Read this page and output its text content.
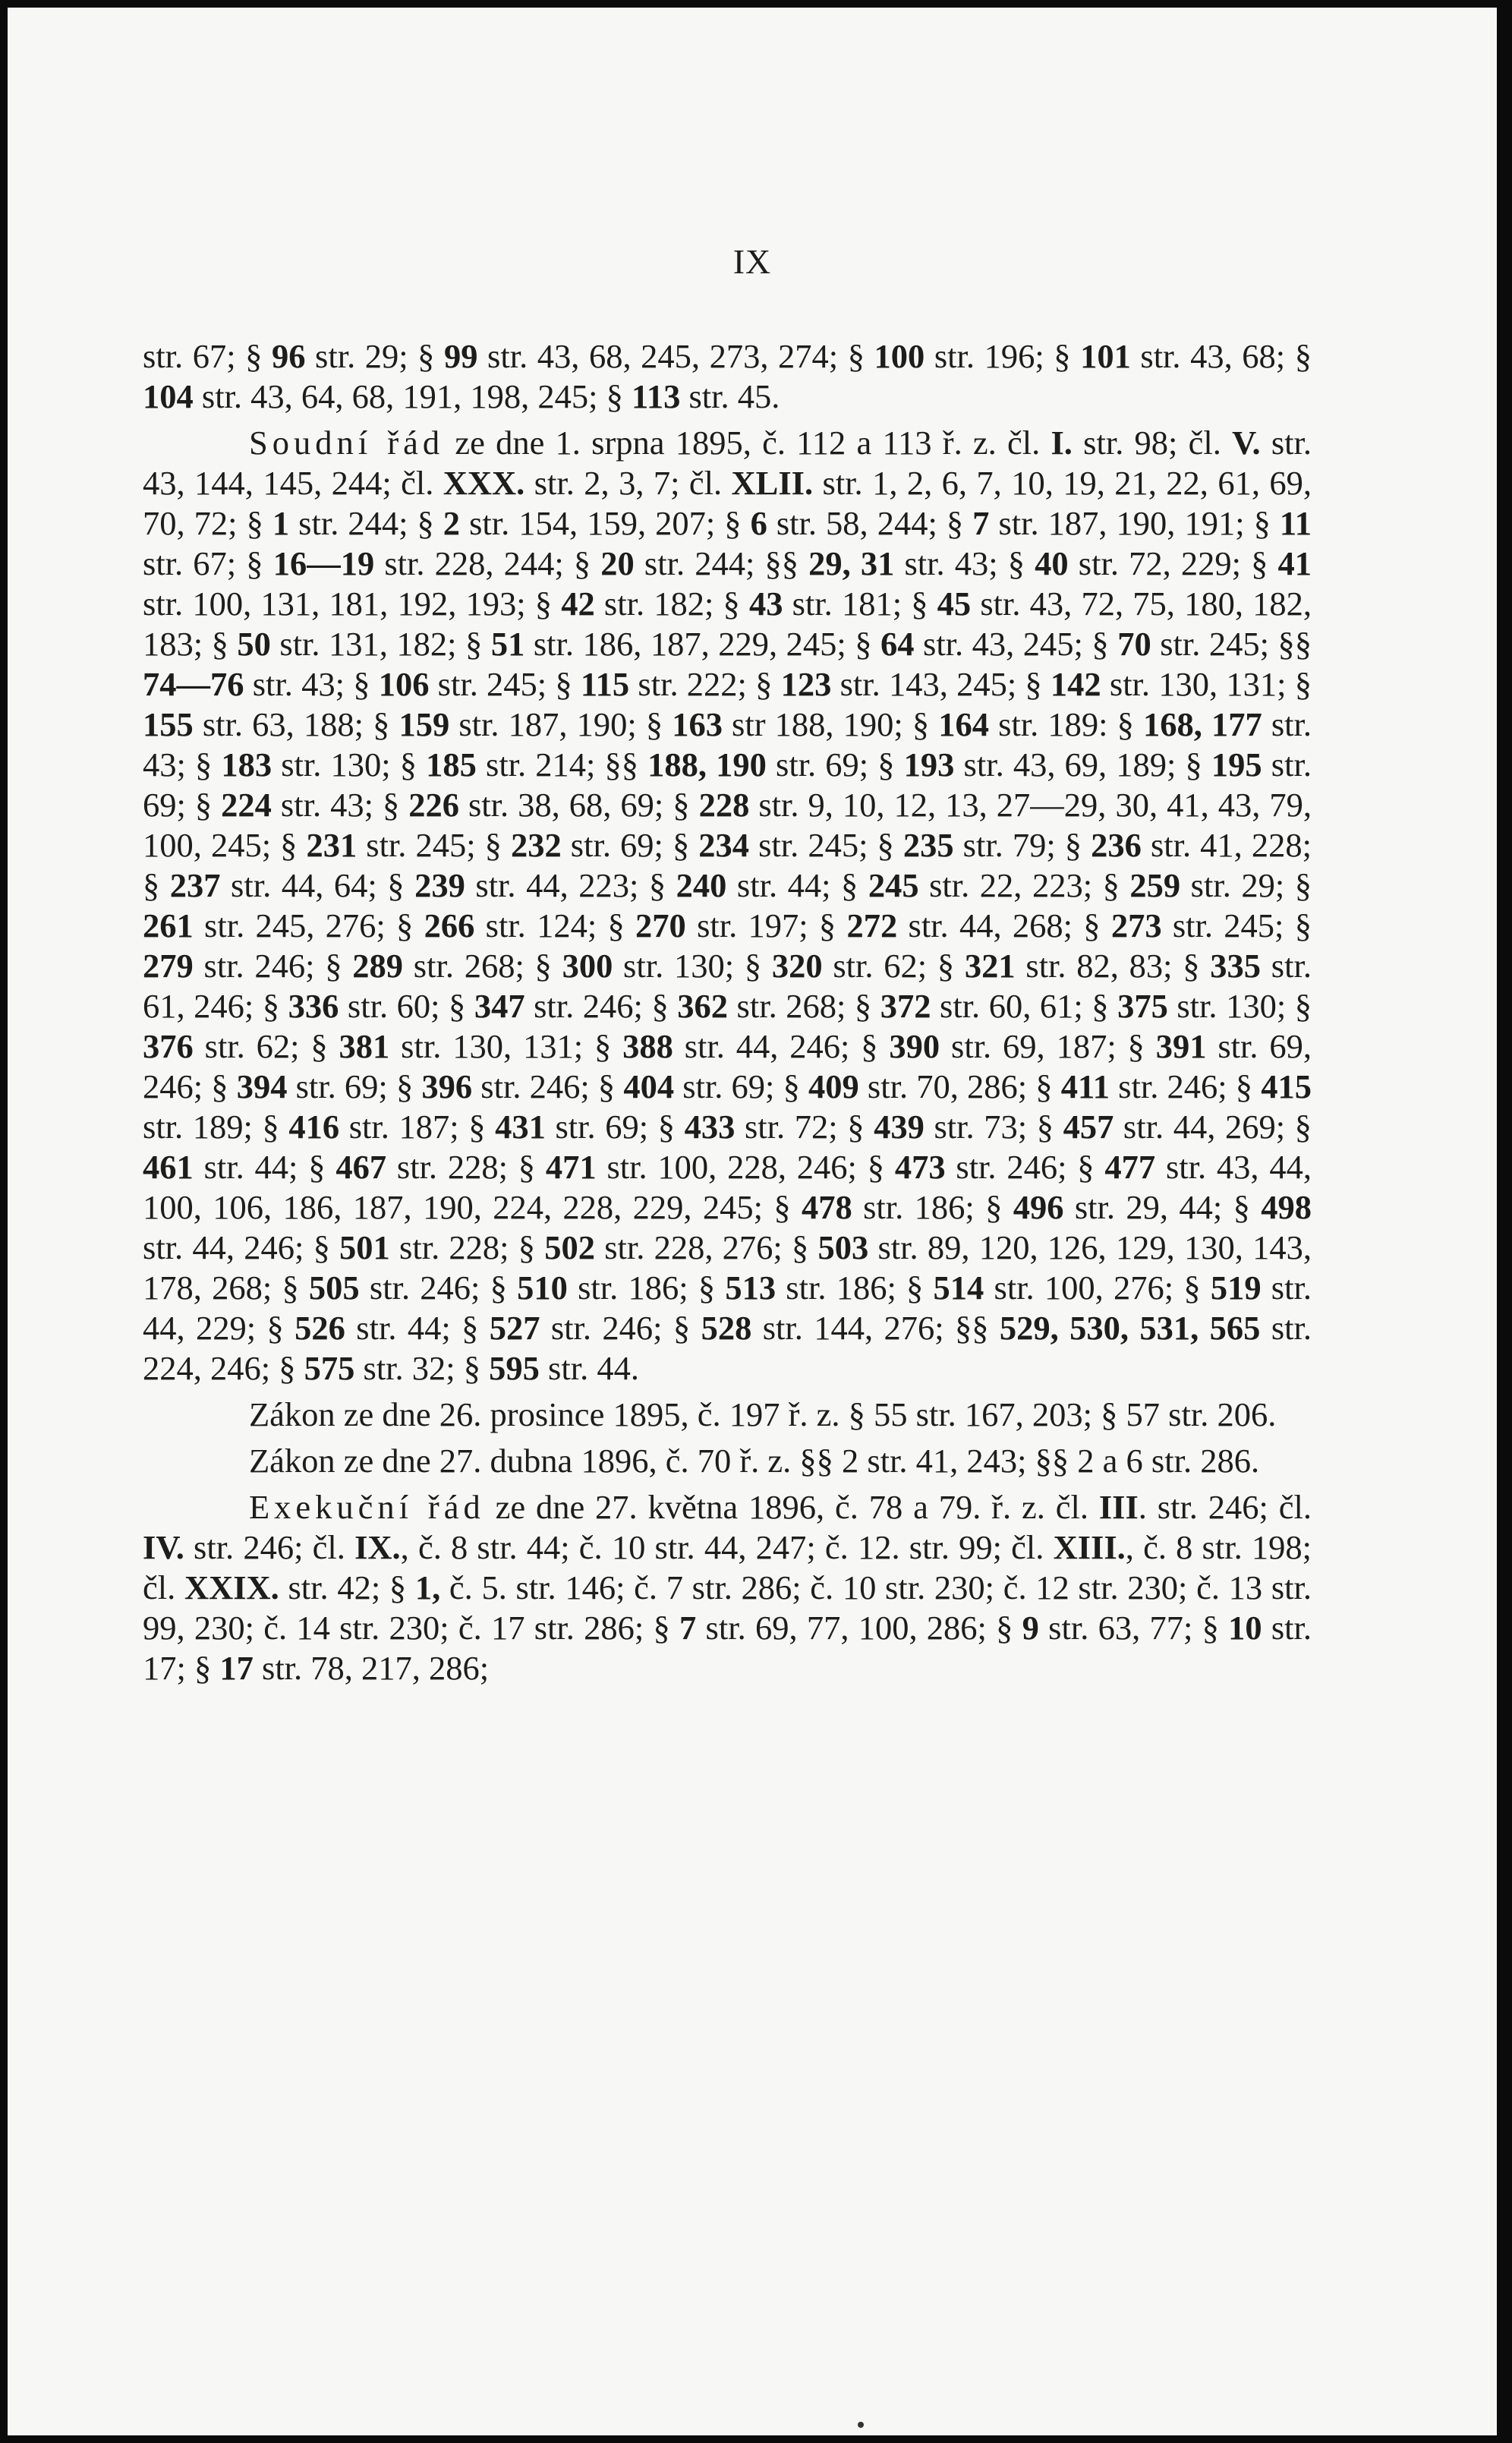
IX

str. 67; § 96 str. 29; § 99 str. 43, 68, 245, 273, 274; § 100 str. 196; § 101 str. 43, 68; § 104 str. 43, 64, 68, 191, 198, 245; § 113 str. 45.

Soudní řád ze dne 1. srpna 1895, č. 112 a 113 ř. z. čl. I. str. 98; čl. V. str. 43, 144, 145, 244; čl. XXX. str. 2, 3, 7; čl. XLII. str. 1, 2, 6, 7, 10, 19, 21, 22, 61, 69, 70, 72; § 1 str. 244; § 2 str. 154, 159, 207; § 6 str. 58, 244; § 7 str. 187, 190, 191; § 11 str. 67; § 16—19 str. 228, 244; § 20 str. 244; §§ 29, 31 str. 43; § 40 str. 72, 229; § 41 str. 100, 131, 181, 192, 193; § 42 str. 182; § 43 str. 181; § 45 str. 43, 72, 75, 180, 182, 183; § 50 str. 131, 182; § 51 str. 186, 187, 229, 245; § 64 str. 43, 245; § 70 str. 245; §§ 74—76 str. 43; § 106 str. 245; § 115 str. 222; § 123 str. 143, 245; § 142 str. 130, 131; § 155 str. 63, 188; § 159 str. 187, 190; § 163 str 188, 190; § 164 str. 189: § 168, 177 str. 43; § 183 str. 130; § 185 str. 214; §§ 188, 190 str. 69; § 193 str. 43, 69, 189; § 195 str. 69; § 224 str. 43; § 226 str. 38, 68, 69; § 228 str. 9, 10, 12, 13, 27—29, 30, 41, 43, 79, 100, 245; § 231 str. 245; § 232 str. 69; § 234 str. 245; § 235 str. 79; § 236 str. 41, 228; § 237 str. 44, 64; § 239 str. 44, 223; § 240 str. 44; § 245 str. 22, 223; § 259 str. 29; § 261 str. 245, 276; § 266 str. 124; § 270 str. 197; § 272 str. 44, 268; § 273 str. 245; § 279 str. 246; § 289 str. 268; § 300 str. 130; § 320 str. 62; § 321 str. 82, 83; § 335 str. 61, 246; § 336 str. 60; § 347 str. 246; § 362 str. 268; § 372 str. 60, 61; § 375 str. 130; § 376 str. 62; § 381 str. 130, 131; § 388 str. 44, 246; § 390 str. 69, 187; § 391 str. 69, 246; § 394 str. 69; § 396 str. 246; § 404 str. 69; § 409 str. 70, 286; § 411 str. 246; § 415 str. 189; § 416 str. 187; § 431 str. 69; § 433 str. 72; § 439 str. 73; § 457 str. 44, 269; § 461 str. 44; § 467 str. 228; § 471 str. 100, 228, 246; § 473 str. 246; § 477 str. 43, 44, 100, 106, 186, 187, 190, 224, 228, 229, 245; § 478 str. 186; § 496 str. 29, 44; § 498 str. 44, 246; § 501 str. 228; § 502 str. 228, 276; § 503 str. 89, 120, 126, 129, 130, 143, 178, 268; § 505 str. 246; § 510 str. 186; § 513 str. 186; § 514 str. 100, 276; § 519 str. 44, 229; § 526 str. 44; § 527 str. 246; § 528 str. 144, 276; §§ 529, 530, 531, 565 str. 224, 246; § 575 str. 32; § 595 str. 44.

Zákon ze dne 26. prosince 1895, č. 197 ř. z. § 55 str. 167, 203; § 57 str. 206.

Zákon ze dne 27. dubna 1896, č. 70 ř. z. §§ 2 str. 41, 243; §§ 2 a 6 str. 286.

Exekuční řád ze dne 27. května 1896, č. 78 a 79. ř. z. čl. III. str. 246; čl. IV. str. 246; čl. IX., č. 8 str. 44; č. 10 str. 44, 247; č. 12. str. 99; čl. XIII., č. 8 str. 198; čl. XXIX. str. 42; § 1, č. 5. str. 146; č. 7 str. 286; č. 10 str. 230; č. 12 str. 230; č. 13 str. 99, 230; č. 14 str. 230; č. 17 str. 286; § 7 str. 69, 77, 100, 286; § 9 str. 63, 77; § 10 str. 17; § 17 str. 78, 217, 286;
